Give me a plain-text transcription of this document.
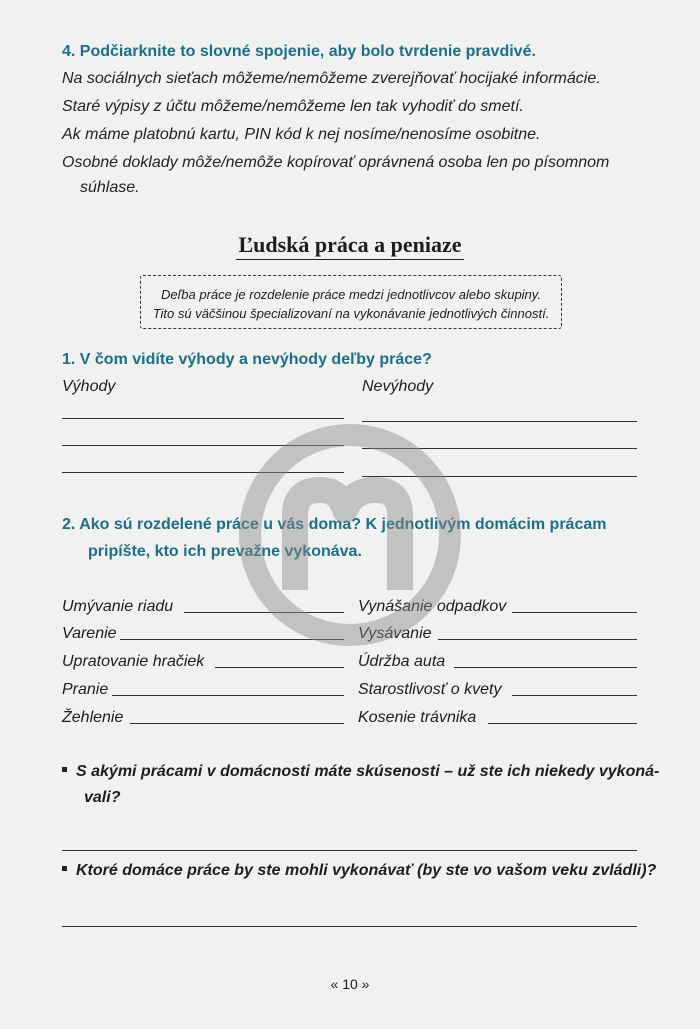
4. Podčiarknite to slovné spojenie, aby bolo tvrdenie pravdivé.
Na sociálnych sieťach môžeme/nemôžeme zverejňovať hocijaké informácie.
Staré výpisy z účtu môžeme/nemôžeme len tak vyhodiť do smetí.
Ak máme platobnú kartu, PIN kód k nej nosíme/nenosíme osobitne.
Osobné doklady môže/nemôže kopírovať oprávnená osoba len po písomnom
súhlase.
Ľudská práca a peniaze
Deľba práce je rozdelenie práce medzi jednotlivcov alebo skupiny.
Tito sú väčšinou špecializovaní na vykonávanie jednotlivých činností.
1. V čom vidíte výhody a nevýhody deľby práce?
Výhody	Nevýhody
2. Ako sú rozdelené práce u vás doma? K jednotlivým domácim prácam
pripíšte, kto ich prevažne vykonáva.
Umývanie riadu
Varenie
Upratovanie hračiek
Pranie
Žehlenie
Vynášanie odpadkov
Vysávanie
Údržba auta
Starostlivosť o kvety
Kosenie trávnika
S akými prácami v domácnosti máte skúsenosti – už ste ich niekedy vykoná-
vali?
Ktoré domáce práce by ste mohli vykonávať (by ste vo vašom veku zvládli)?
« 10 »
